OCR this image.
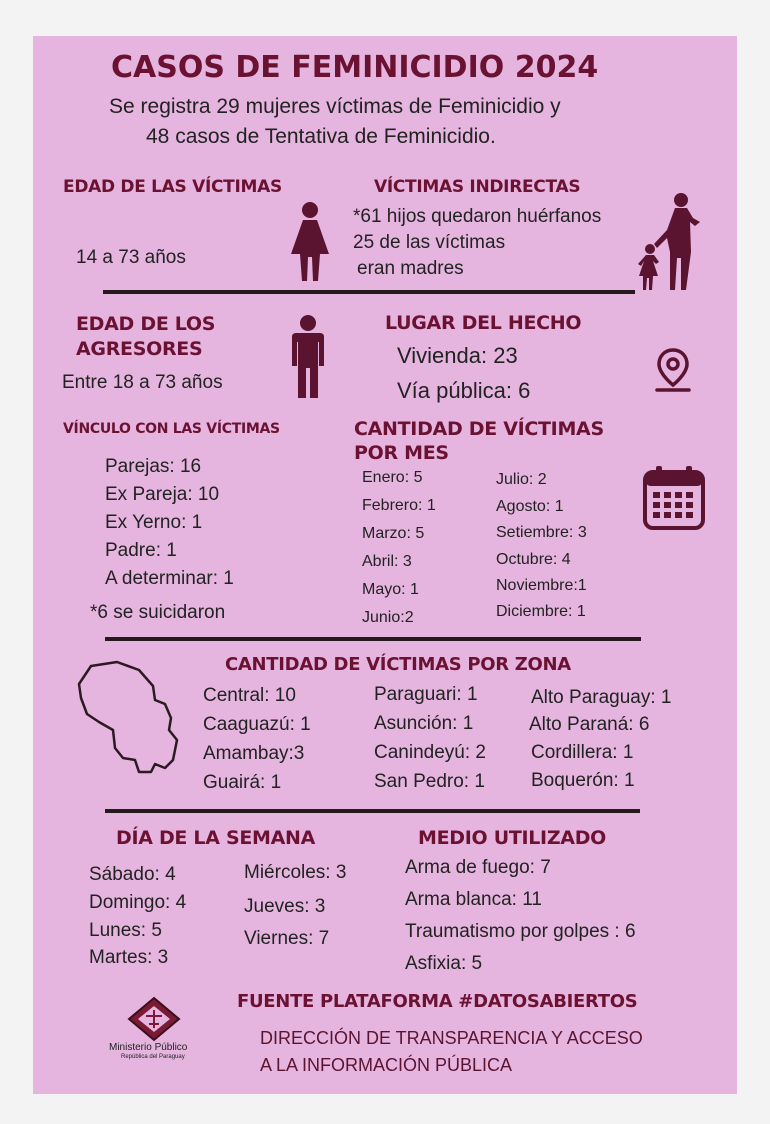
CASOS DE FEMINICIDIO 2024
Se registra 29 mujeres víctimas de Feminicidio y
48 casos de Tentativa de Feminicidio.
EDAD DE LAS VÍCTIMAS
14 a 73 años
VÍCTIMAS INDIRECTAS
*61 hijos quedaron huérfanos
25 de las víctimas
eran madres
EDAD DE LOS
AGRESORES
Entre 18 a 73 años
LUGAR DEL HECHO
Vivienda: 23
Vía pública: 6
VÍNCULO CON LAS VÍCTIMAS
Parejas: 16
Ex Pareja: 10
Ex Yerno: 1
Padre: 1
A determinar: 1
*6 se suicidaron
CANTIDAD DE VÍCTIMAS
POR MES
Enero: 5
Febrero: 1
Marzo: 5
Abril: 3
Mayo: 1
Junio:2
Julio: 2
Agosto: 1
Setiembre: 3
Octubre: 4
Noviembre:1
Diciembre: 1
CANTIDAD DE VÍCTIMAS POR ZONA
Central: 10
Caaguazú: 1
Amambay:3
Guairá: 1
Paraguari: 1
Asunción: 1
Canindeyú: 2
San Pedro: 1
Alto Paraguay: 1
Alto Paraná: 6
Cordillera: 1
Boquerón: 1
DÍA DE LA SEMANA
Sábado: 4
Domingo: 4
Lunes: 5
Martes: 3
Miércoles: 3
Jueves: 3
Viernes: 7
MEDIO UTILIZADO
Arma de fuego: 7
Arma blanca: 11
Traumatismo por golpes : 6
Asfixia: 5
FUENTE PLATAFORMA #DATOSABIERTOS
DIRECCIÓN DE TRANSPARENCIA Y ACCESO
A LA INFORMACIÓN PÚBLICA
Ministerio Público
República del Paraguay
